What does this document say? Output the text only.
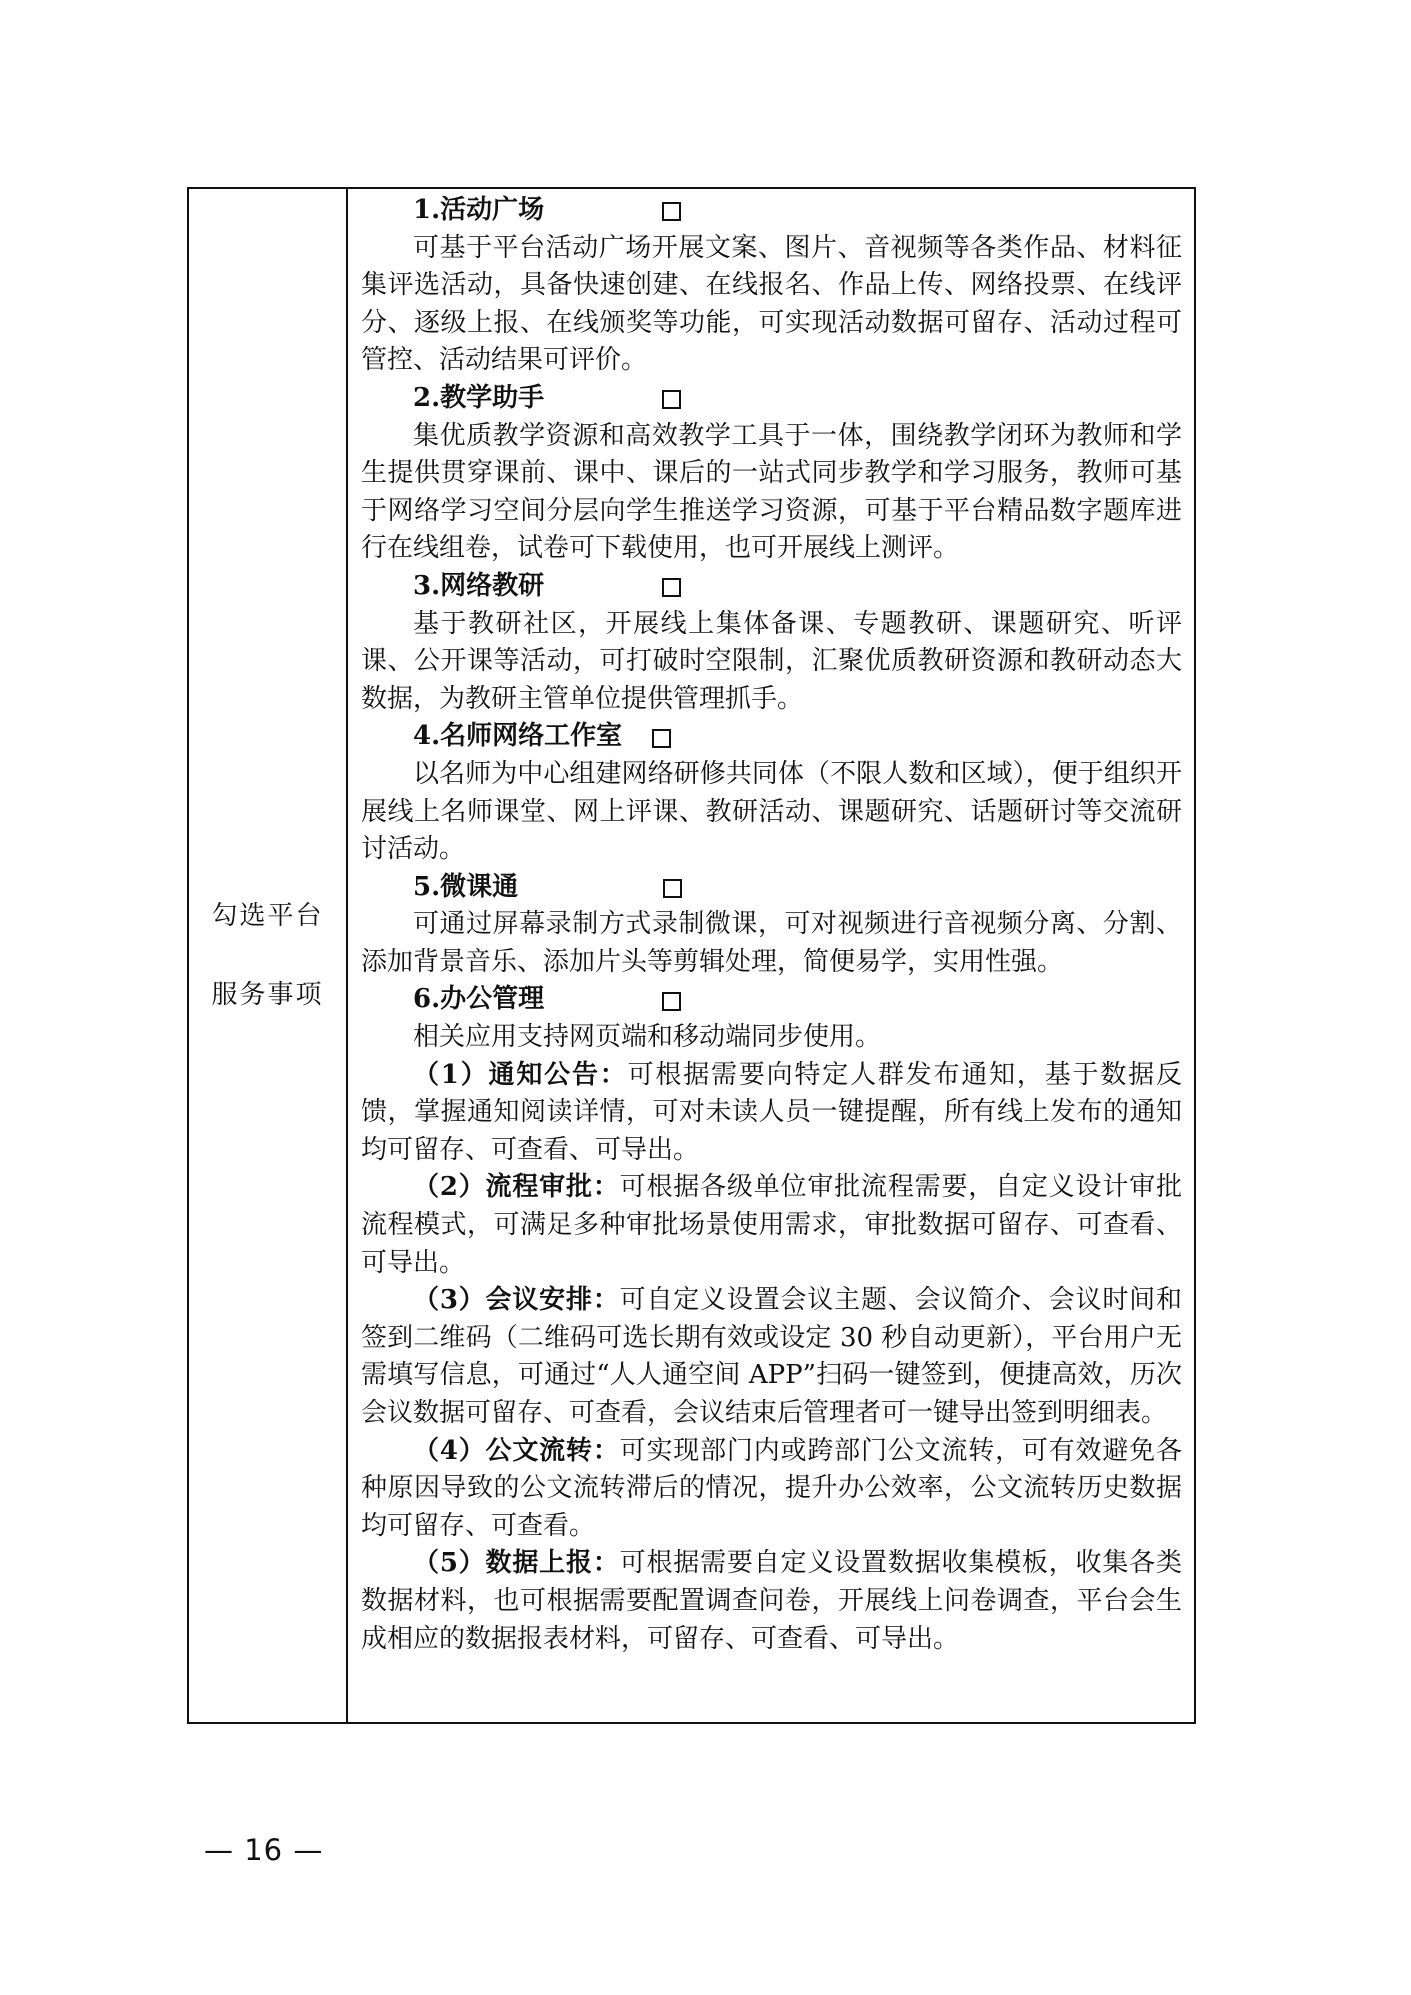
勾选平台
服务事项
1. 活动广场

可基于平台活动广场开展文案、图片、音视频等各类作品、材料征集评选活动，具备快速创建、在线报名、作品上传、网络投票、在线评分、逐级上报、在线颁奖等功能，可实现活动数据可留存、活动过程可管控、活动结果可评价。

2. 教学助手

集优质教学资源和高效教学工具于一体，围绕教学闭环为教师和学生提供贯穿课前、课中、课后的一站式同步教学和学习服务，教师可基于网络学习空间分层向学生推送学习资源，可基于平台精品数字题库进行在线组卷，试卷可下载使用，也可开展线上测评。

3. 网络教研

基于教研社区，开展线上集体备课、专题教研、课题研究、听评课、公开课等活动，可打破时空限制，汇聚优质教研资源和教研动态大数据，为教研主管单位提供管理抓手。

4. 名师网络工作室

以名师为中心组建网络研修共同体（不限人数和区域），便于组织开展线上名师课堂、网上评课、教研活动、课题研究、话题研讨等交流研讨活动。

5. 微课通

可通过屏幕录制方式录制微课，可对视频进行音视频分离、分割、添加背景音乐、添加片头等剪辑处理，简便易学，实用性强。

6. 办公管理

相关应用支持网页端和移动端同步使用。

（1）通知公告：可根据需要向特定人群发布通知，基于数据反馈，掌握通知阅读详情，可对未读人员一键提醒，所有线上发布的通知均可留存、可查看、可导出。

（2）流程审批：可根据各级单位审批流程需要，自定义设计审批流程模式，可满足多种审批场景使用需求，审批数据可留存、可查看、可导出。

（3）会议安排：可自定义设置会议主题、会议简介、会议时间和签到二维码（二维码可选长期有效或设定 30 秒自动更新），平台用户无需填写信息，可通过“人人通空间 APP”扫码一键签到，便捷高效，历次会议数据可留存、可查看，会议结束后管理者可一键导出签到明细表。

（4）公文流转：可实现部门内或跨部门公文流转，可有效避免各种原因导致的公文流转滞后的情况，提升办公效率，公文流转历史数据均可留存、可查看。

（5）数据上报：可根据需要自定义设置数据收集模板，收集各类数据材料，也可根据需要配置调查问卷，开展线上问卷调查，平台会生成相应的数据报表材料，可留存、可查看、可导出。

— 16 —
